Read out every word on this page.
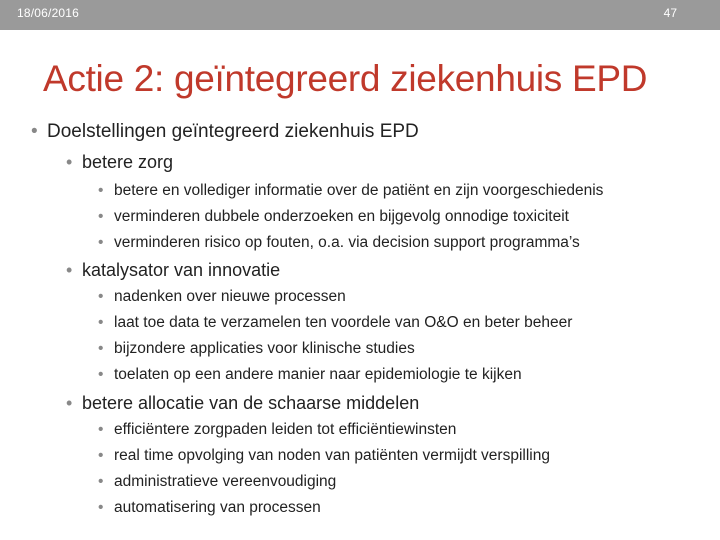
18/06/2016	47
Actie 2: geïntegreerd ziekenhuis EPD
• Doelstellingen geïntegreerd ziekenhuis EPD
• betere zorg
• betere en vollediger informatie over de patiënt en zijn voorgeschiedenis
• verminderen dubbele onderzoeken en bijgevolg onnodige toxiciteit
• verminderen risico op fouten, o.a. via decision support programma’s
• katalysator van innovatie
• nadenken over nieuwe processen
• laat toe data te verzamelen ten voordele van O&O en beter beheer
• bijzondere applicaties voor klinische studies
• toelaten op een andere manier naar epidemiologie te kijken
• betere allocatie van de schaarse middelen
• efficiëntere zorgpaden leiden tot efficiëntiewinsten
• real time opvolging van noden van patiënten vermijdt verspilling
• administratieve vereenvoudiging
• automatisering van processen
